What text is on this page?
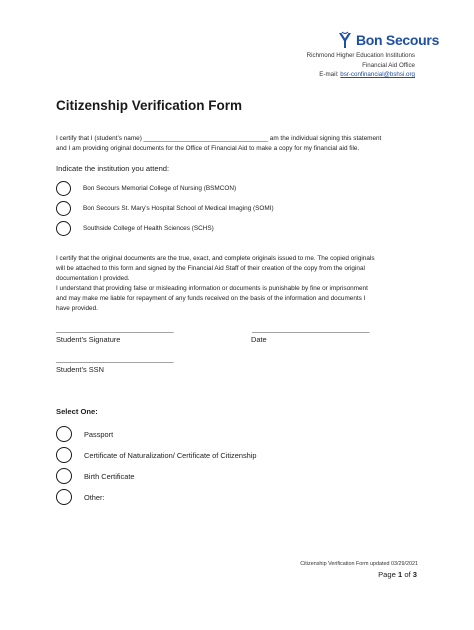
Bon Secours
Richmond Higher Education Institutions
Financial Aid Office
E-mail: bsr-confinancial@bshsi.org
Citizenship Verification Form
I certify that I (student’s name) ___________________________________ am the individual signing this statement
and I am providing original documents for the Office of Financial Aid to make a copy for my financial aid file.
Indicate the institution you attend:
Bon Secours Memorial College of Nursing (BSMCON)
Bon Secours St. Mary’s Hospital School of Medical Imaging (SOMI)
Southside College of Health Sciences (SCHS)
I certify that the original documents are the true, exact, and complete originals issued to me. The copied originals
will be attached to this form and signed by the Financial Aid Staff of their creation of the copy from the original
documentation I provided.
I understand that providing false or misleading information or documents is punishable by fine or imprisonment
and may make me liable for repayment of any funds received on the basis of the information and documents I
have provided.
___________________________________	___________________________________
Student’s Signature	Date
___________________________________
Student’s SSN
Select One:
Passport
Certificate of Naturalization/ Certificate of Citizenship
Birth Certificate
Other:
Citizenship Verification Form updated 03/29/2021
Page 1 of 3
